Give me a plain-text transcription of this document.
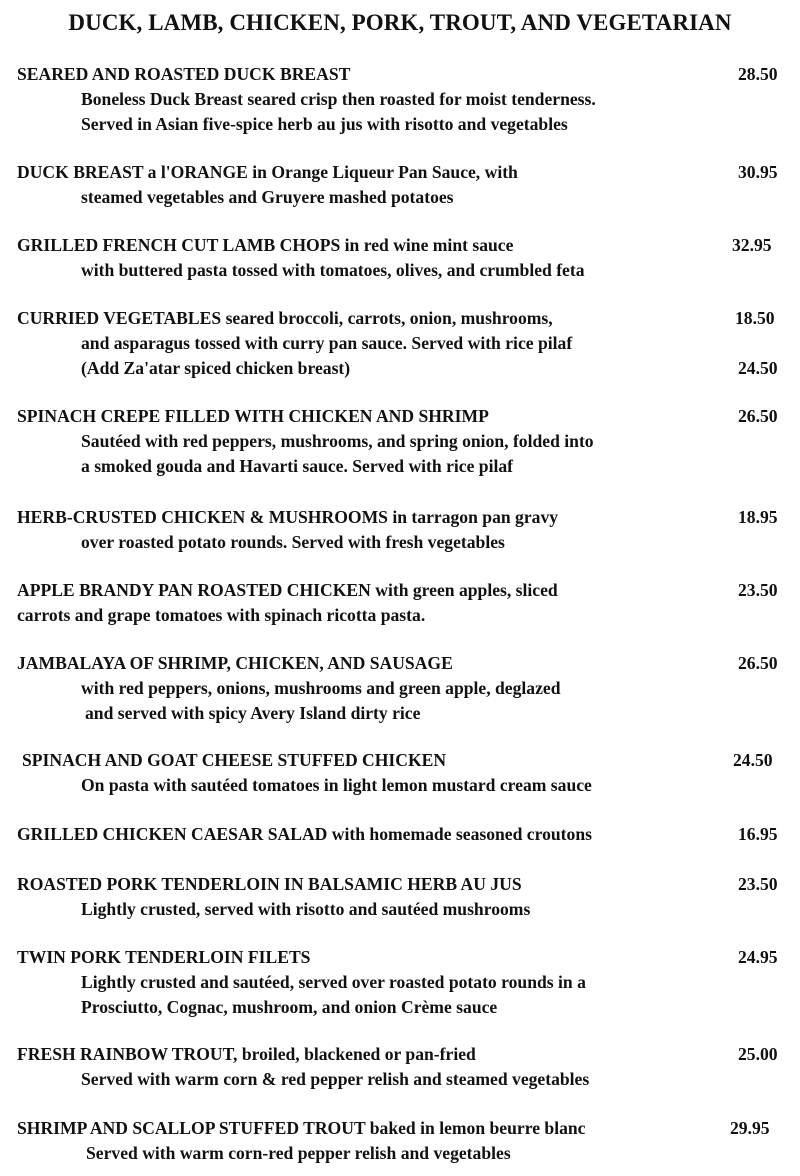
DUCK, LAMB, CHICKEN, PORK, TROUT, AND VEGETARIAN
SEARED AND ROASTED DUCK BREAST	28.50
Boneless Duck Breast seared crisp then roasted for moist tenderness.
Served in Asian five-spice herb au jus with risotto and vegetables
DUCK BREAST a l'ORANGE in Orange Liqueur Pan Sauce, with	30.95
steamed vegetables and Gruyere mashed potatoes
GRILLED FRENCH CUT LAMB CHOPS in red wine mint sauce	32.95
with buttered pasta tossed with tomatoes, olives, and crumbled feta
CURRIED VEGETABLES seared broccoli, carrots, onion, mushrooms,	18.50
and asparagus tossed with curry pan sauce. Served with rice pilaf
(Add Za'atar spiced chicken breast)	24.50
SPINACH CREPE FILLED WITH CHICKEN AND SHRIMP	26.50
Sautéed with red peppers, mushrooms, and spring onion, folded into
a smoked gouda and Havarti sauce. Served with rice pilaf
HERB-CRUSTED CHICKEN & MUSHROOMS in tarragon pan gravy	18.95
over roasted potato rounds. Served with fresh vegetables
APPLE BRANDY PAN ROASTED CHICKEN with green apples, sliced	23.50
carrots and grape tomatoes with spinach ricotta pasta.
JAMBALAYA OF SHRIMP, CHICKEN, AND SAUSAGE	26.50
with red peppers, onions, mushrooms and green apple, deglazed
and served with spicy Avery Island dirty rice
SPINACH AND GOAT CHEESE STUFFED CHICKEN	24.50
On pasta with sautéed tomatoes in light lemon mustard cream sauce
GRILLED CHICKEN CAESAR SALAD with homemade seasoned croutons	16.95
ROASTED PORK TENDERLOIN IN BALSAMIC HERB AU JUS	23.50
Lightly crusted, served with risotto and sautéed mushrooms
TWIN PORK TENDERLOIN FILETS	24.95
Lightly crusted and sautéed, served over roasted potato rounds in a
Prosciutto, Cognac, mushroom, and onion Crème sauce
FRESH RAINBOW TROUT, broiled, blackened or pan-fried	25.00
Served with warm corn & red pepper relish and steamed vegetables
SHRIMP AND SCALLOP STUFFED TROUT baked in lemon beurre blanc	29.95
Served with warm corn-red pepper relish and vegetables
